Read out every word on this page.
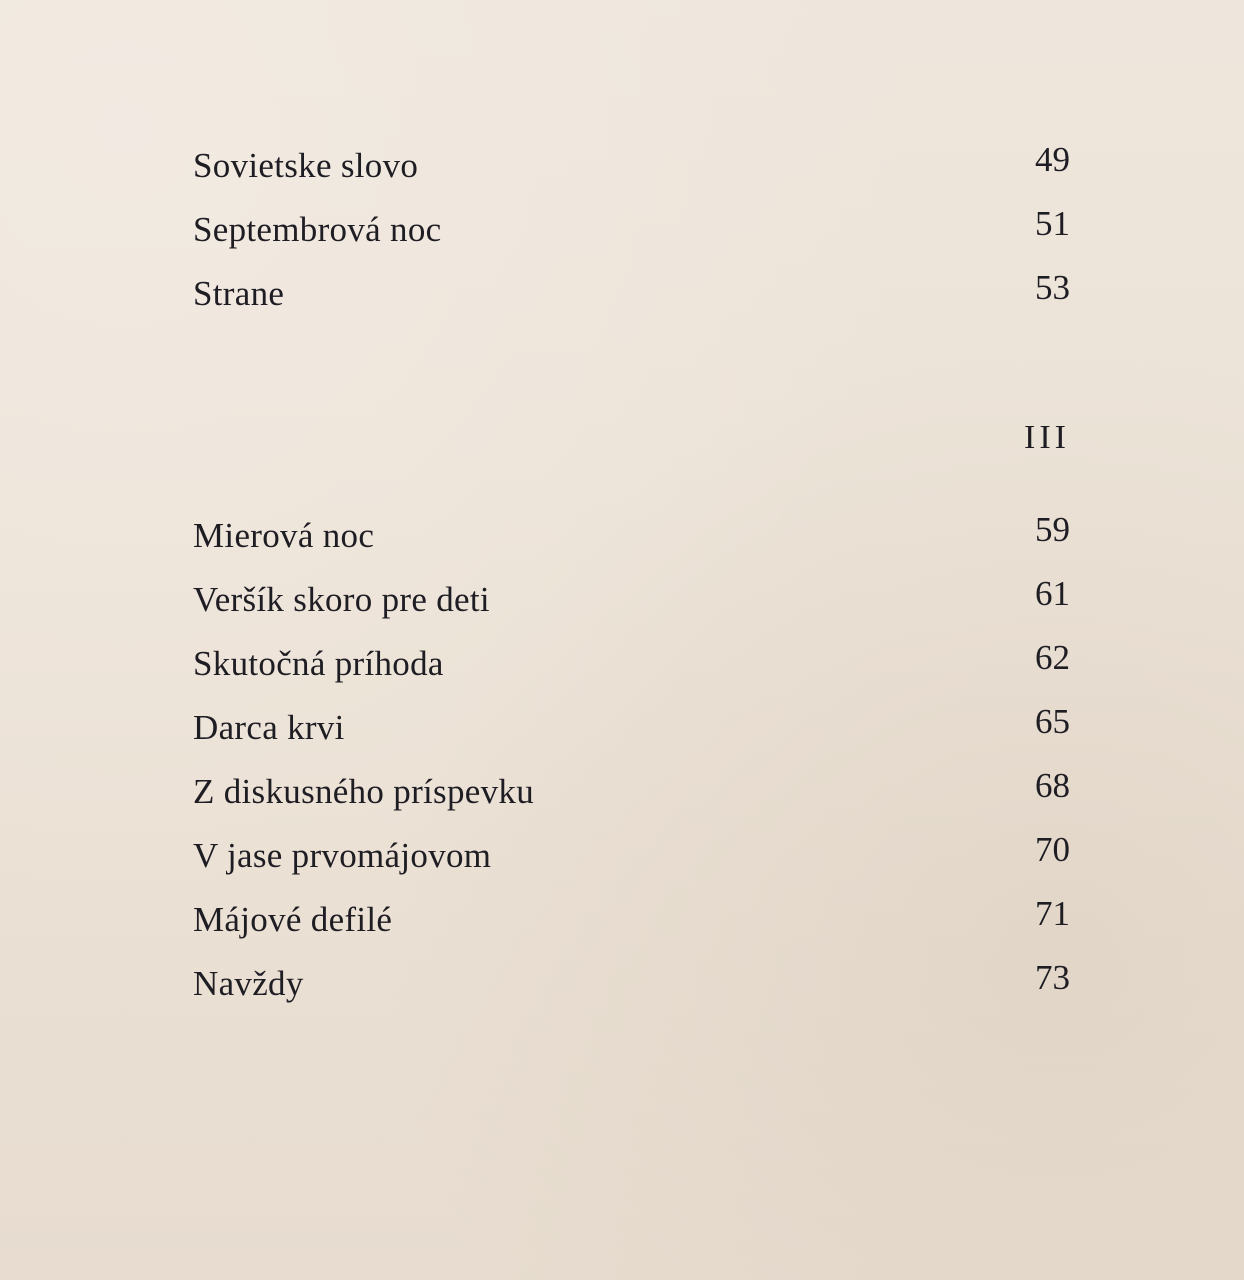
Sovietske slovo	49
Septembrová noc	51
Strane	53
III
Mierová noc	59
Veršík skoro pre deti	61
Skutočná príhoda	62
Darca krvi	65
Z diskusného príspevku	68
V jase prvomájovom	70
Májové defilé	71
Navždy	73
